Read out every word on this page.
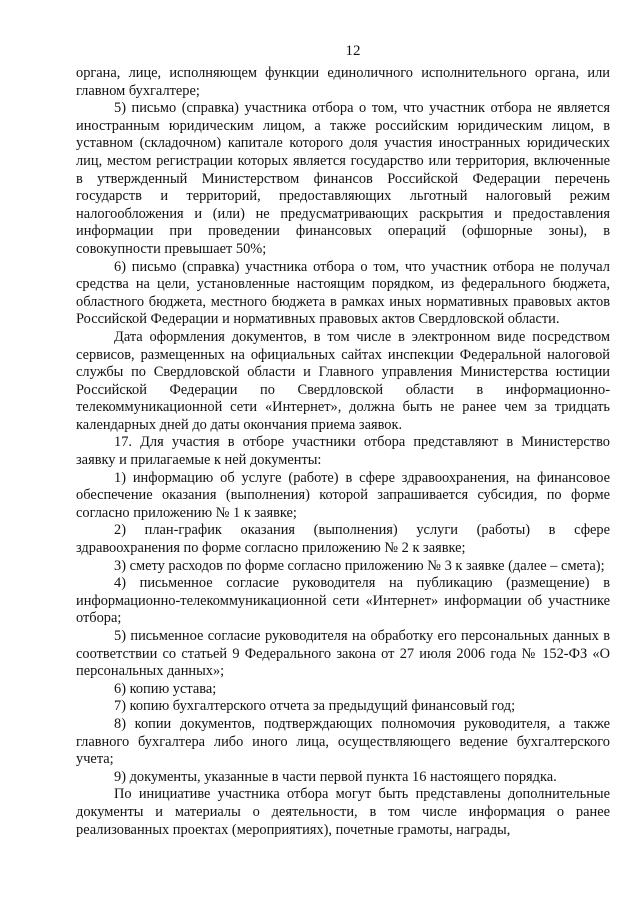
12

органа, лице, исполняющем функции единоличного исполнительного органа, или главном бухгалтере;

5) письмо (справка) участника отбора о том, что участник отбора не является иностранным юридическим лицом, а также российским юридическим лицом, в уставном (складочном) капитале которого доля участия иностранных юридических лиц, местом регистрации которых является государство или территория, включенные в утвержденный Министерством финансов Российской Федерации перечень государств и территорий, предоставляющих льготный налоговый режим налогообложения и (или) не предусматривающих раскрытия и предоставления информации при проведении финансовых операций (офшорные зоны), в совокупности превышает 50%;

6) письмо (справка) участника отбора о том, что участник отбора не получал средства на цели, установленные настоящим порядком, из федерального бюджета, областного бюджета, местного бюджета в рамках иных нормативных правовых актов Российской Федерации и нормативных правовых актов Свердловской области.

Дата оформления документов, в том числе в электронном виде посредством сервисов, размещенных на официальных сайтах инспекции Федеральной налоговой службы по Свердловской области и Главного управления Министерства юстиции Российской Федерации по Свердловской области в информационно-телекоммуникационной сети «Интернет», должна быть не ранее чем за тридцать календарных дней до даты окончания приема заявок.

17. Для участия в отборе участники отбора представляют в Министерство заявку и прилагаемые к ней документы:

1) информацию об услуге (работе) в сфере здравоохранения, на финансовое обеспечение оказания (выполнения) которой запрашивается субсидия, по форме согласно приложению № 1 к заявке;

2) план-график оказания (выполнения) услуги (работы) в сфере здравоохранения по форме согласно приложению № 2 к заявке;

3) смету расходов по форме согласно приложению № 3 к заявке (далее – смета);

4) письменное согласие руководителя на публикацию (размещение) в информационно-телекоммуникационной сети «Интернет» информации об участнике отбора;

5) письменное согласие руководителя на обработку его персональных данных в соответствии со статьей 9 Федерального закона от 27 июля 2006 года № 152-ФЗ «О персональных данных»;

6) копию устава;

7) копию бухгалтерского отчета за предыдущий финансовый год;

8) копии документов, подтверждающих полномочия руководителя, а также главного бухгалтера либо иного лица, осуществляющего ведение бухгалтерского учета;

9) документы, указанные в части первой пункта 16 настоящего порядка.

По инициативе участника отбора могут быть представлены дополнительные документы и материалы о деятельности, в том числе информация о ранее реализованных проектах (мероприятиях), почетные грамоты, награды,
